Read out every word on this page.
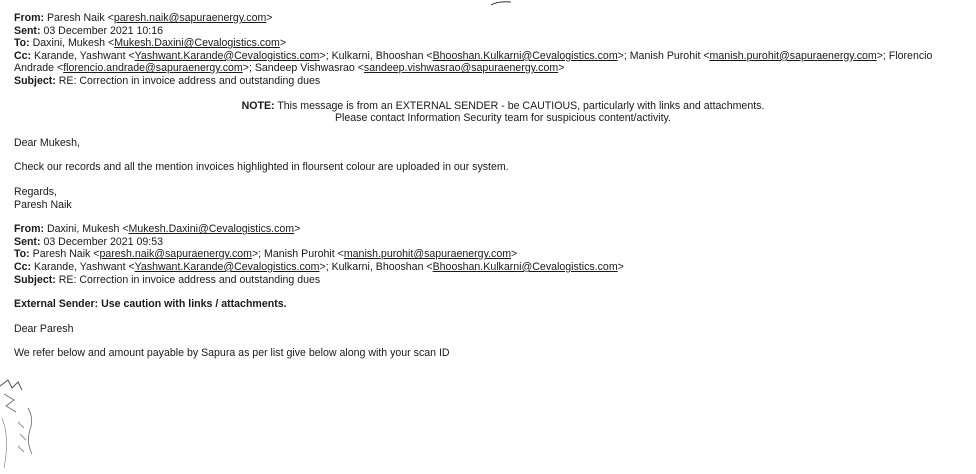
From: Paresh Naik <paresh.naik@sapuraenergy.com>
Sent: 03 December 2021 10:16
To: Daxini, Mukesh <Mukesh.Daxini@Cevalogistics.com>
Cc: Karande, Yashwant <Yashwant.Karande@Cevalogistics.com>; Kulkarni, Bhooshan <Bhooshan.Kulkarni@Cevalogistics.com>; Manish Purohit <manish.purohit@sapuraenergy.com>; Florencio
Andrade <florencio.andrade@sapuraenergy.com>; Sandeep Vishwasrao <sandeep.vishwasrao@sapuraenergy.com>
Subject: RE: Correction in invoice address and outstanding dues
NOTE: This message is from an EXTERNAL SENDER - be CAUTIOUS, particularly with links and attachments.
Please contact Information Security team for suspicious content/activity.
Dear Mukesh,
Check our records and all the mention invoices highlighted in floursent colour are uploaded in our system.
Regards,
Paresh Naik
From: Daxini, Mukesh <Mukesh.Daxini@Cevalogistics.com>
Sent: 03 December 2021 09:53
To: Paresh Naik <paresh.naik@sapuraenergy.com>; Manish Purohit <manish.purohit@sapuraenergy.com>
Cc: Karande, Yashwant <Yashwant.Karande@Cevalogistics.com>; Kulkarni, Bhooshan <Bhooshan.Kulkarni@Cevalogistics.com>
Subject: RE: Correction in invoice address and outstanding dues
External Sender: Use caution with links / attachments.
Dear Paresh
We refer below and amount payable by Sapura as per list give below along with your scan ID
